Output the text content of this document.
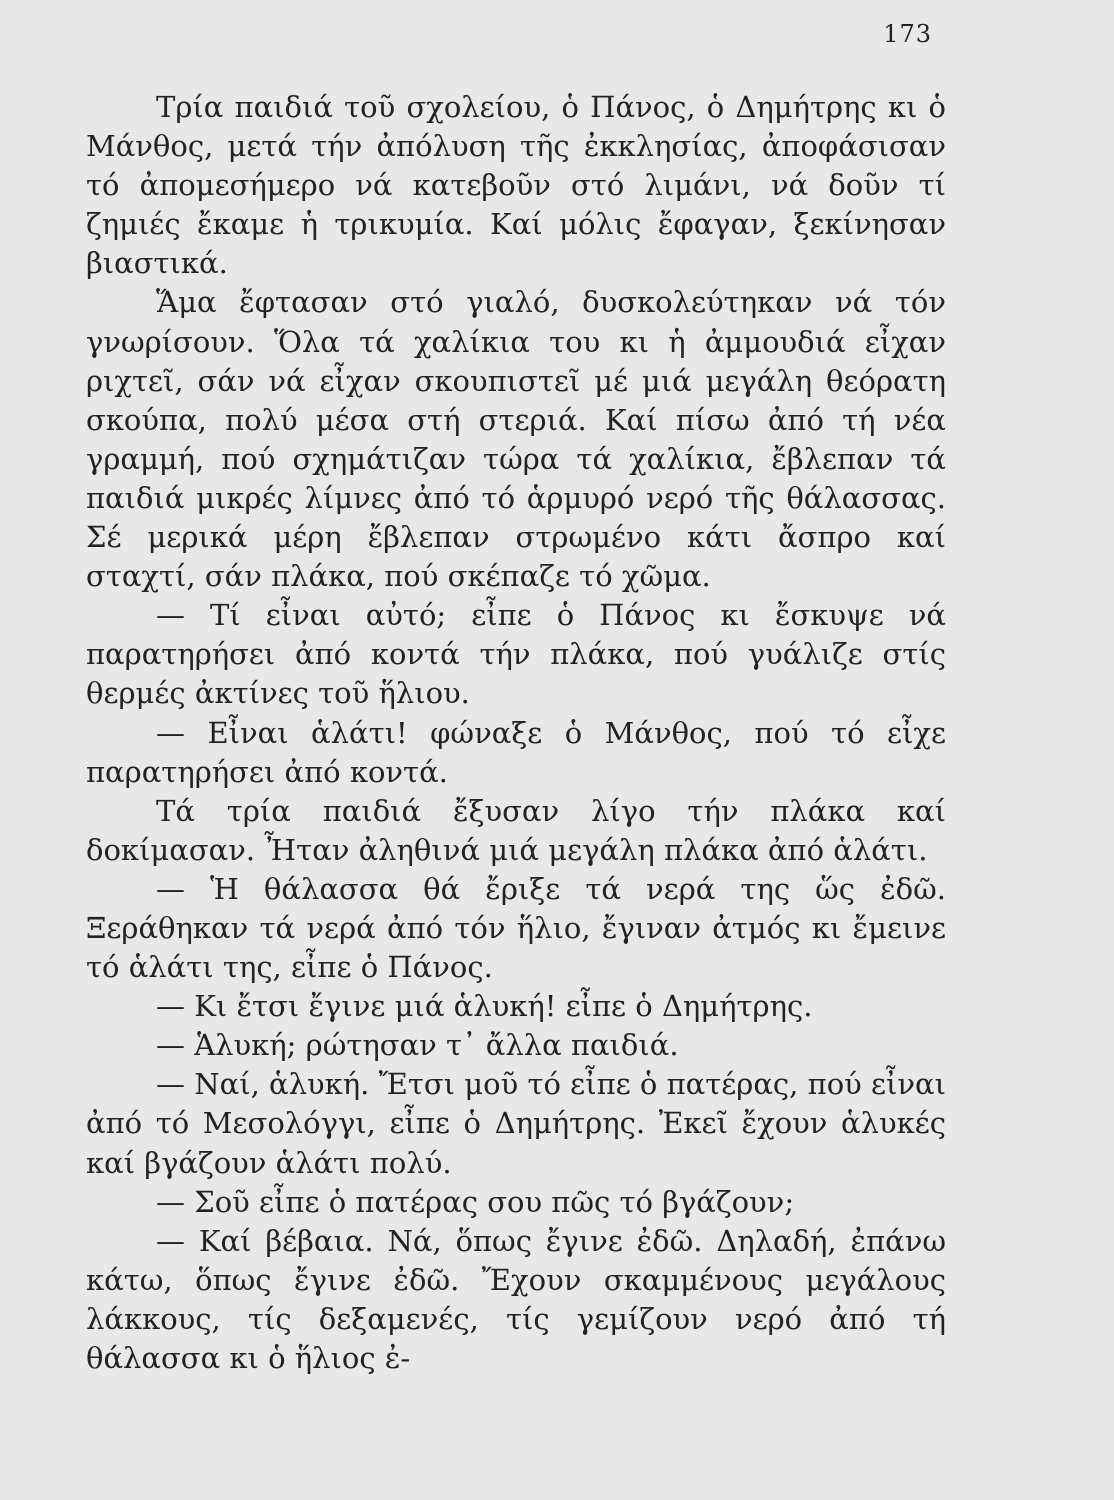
173

Τρία παιδιά τοῦ σχολείου, ὁ Πάνος, ὁ Δημήτρης κι ὁ Μάνθος, μετά τήν ἀπόλυση τῆς ἐκκλησίας, ἀποφάσισαν τό ἀπομεσήμερο νά κατεβοῦν στό λιμάνι, νά δοῦν τί ζημιές ἔκαμε ἡ τρικυμία. Καί μόλις ἔφαγαν, ξεκίνησαν βιαστικά.

Ἅμα ἔφτασαν στό γιαλό, δυσκολεύτηκαν νά τόν γνωρίσουν. Ὅλα τά χαλίκια του κι ἡ ἀμμουδιά εἶχαν ριχτεῖ, σάν νά εἶχαν σκουπιστεῖ μέ μιά μεγάλη θεόρατη σκούπα, πολύ μέσα στή στεριά. Καί πίσω ἀπό τή νέα γραμμή, πού σχημάτιζαν τώρα τά χαλίκια, ἔβλεπαν τά παιδιά μικρές λίμνες ἀπό τό ἁρμυρό νερό τῆς θάλασσας. Σέ μερικά μέρη ἔβλεπαν στρωμένο κάτι ἄσπρο καί σταχτί, σάν πλάκα, πού σκέπαζε τό χῶμα.

— Τί εἶναι αὐτό; εἶπε ὁ Πάνος κι ἔσκυψε νά παρατηρήσει ἀπό κοντά τήν πλάκα, πού γυάλιζε στίς θερμές ἀκτίνες τοῦ ἥλιου.

— Εἶναι ἁλάτι! φώναξε ὁ Μάνθος, πού τό εἶχε παρατηρήσει ἀπό κοντά.

Τά τρία παιδιά ἔξυσαν λίγο τήν πλάκα καί δοκίμασαν. Ἦταν ἀληθινά μιά μεγάλη πλάκα ἀπό ἁλάτι.

— Ἡ θάλασσα θά ἔριξε τά νερά της ὥς ἐδῶ. Ξεράθηκαν τά νερά ἀπό τόν ἥλιο, ἔγιναν ἀτμός κι ἔμεινε τό ἁλάτι της, εἶπε ὁ Πάνος.

— Κι ἔτσι ἔγινε μιά ἁλυκή! εἶπε ὁ Δημήτρης.

— Ἁλυκή; ρώτησαν τ᾿ ἄλλα παιδιά.

— Ναί, ἁλυκή. Ἔτσι μοῦ τό εἶπε ὁ πατέρας, πού εἶναι ἀπό τό Μεσολόγγι, εἶπε ὁ Δημήτρης. Ἐκεῖ ἔχουν ἁλυκές καί βγάζουν ἁλάτι πολύ.

— Σοῦ εἶπε ὁ πατέρας σου πῶς τό βγάζουν;

— Καί βέβαια. Νά, ὅπως ἔγινε ἐδῶ. Δηλαδή, ἐπάνω κάτω, ὅπως ἔγινε ἐδῶ. Ἔχουν σκαμμένους μεγάλους λάκκους, τίς δεξαμενές, τίς γεμίζουν νερό ἀπό τή θάλασσα κι ὁ ἥλιος ἐ-
